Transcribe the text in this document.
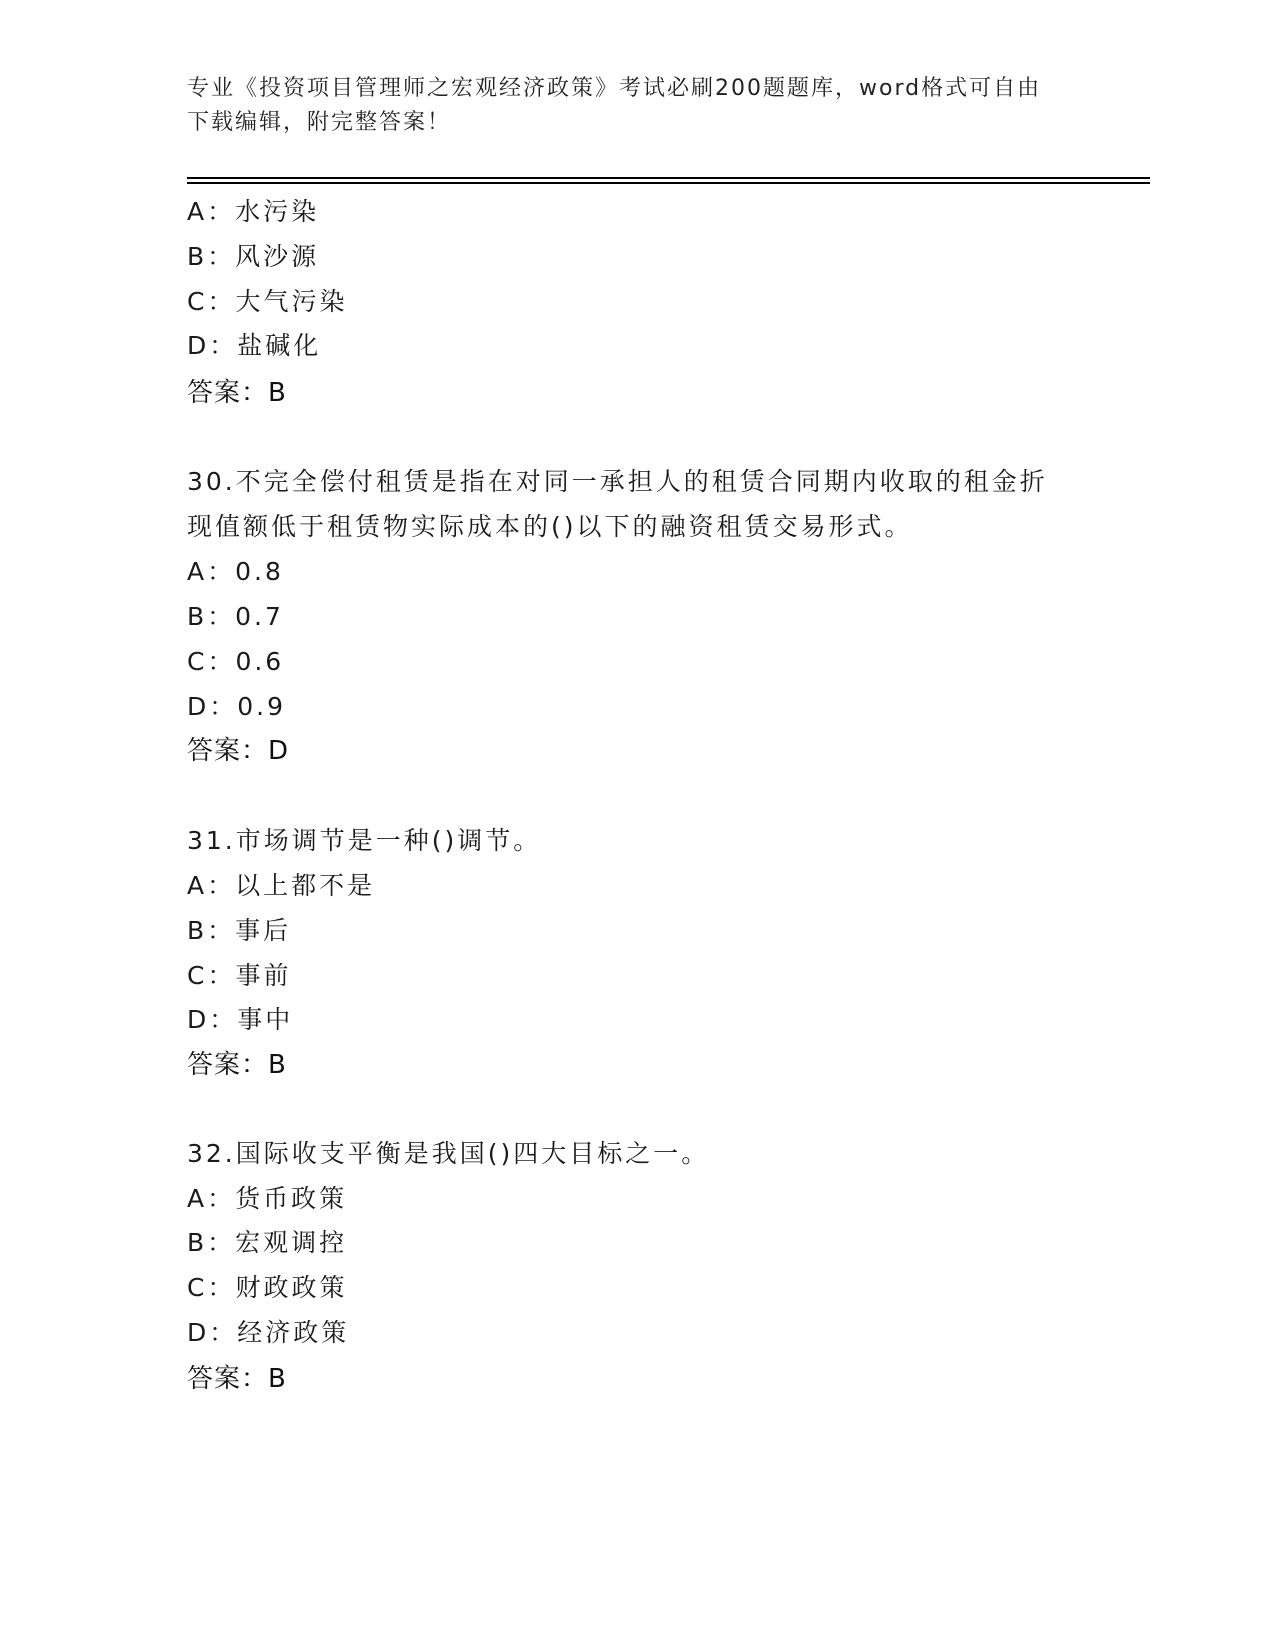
专业《投资项目管理师之宏观经济政策》考试必刷200题题库，word格式可自由
下载编辑，附完整答案！
A：水污染
B：风沙源
C：大气污染
D：盐碱化
答案：B
30.不完全偿付租赁是指在对同一承担人的租赁合同期内收取的租金折
现值额低于租赁物实际成本的()以下的融资租赁交易形式。
A：0.8
B：0.7
C：0.6
D：0.9
答案：D
31.市场调节是一种()调节。
A：以上都不是
B：事后
C：事前
D：事中
答案：B
32.国际收支平衡是我国()四大目标之一。
A：货币政策
B：宏观调控
C：财政政策
D：经济政策
答案：B
